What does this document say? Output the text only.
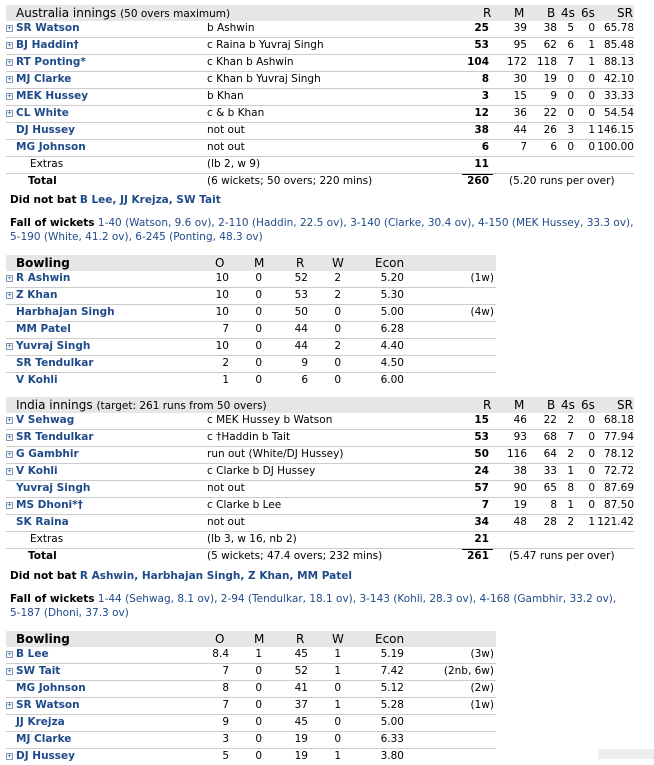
Australia innings (50 overs maximum)	R M B 4s 6s SR
+ SR Watson	b Ashwin	25	39	38 5	0 65.78
+ BJ Haddin†	c Raina b Yuvraj Singh	53	95	62 6	1 85.48
+ RT Ponting*	c Khan b Ashwin	104	172 118 7	1 88.13
+ MJ Clarke	c Khan b Yuvraj Singh	8	30	19 0	0 42.10
+ MEK Hussey	b Khan	3	15	9 0	0 33.33
+ CL White	c & b Khan	12	36	22 0	0 54.54
DJ Hussey	not out	38	44	26 3	1 146.15
MG Johnson	not out	6	7	6 0	0 100.00
Extras	(lb 2, w 9)	11
Total	(6 wickets; 50 overs; 220 mins)	260 (5.20 runs per over)
Did not bat B Lee, JJ Krejza, SW Tait
Fall of wickets 1-40 (Watson, 9.6 ov), 2-110 (Haddin, 22.5 ov), 3-140 (Clarke, 30.4 ov), 4-150 (MEK Hussey, 33.3 ov),
5-190 (White, 41.2 ov), 6-245 (Ponting, 48.3 ov)
Bowling	O M	R W	Econ
+ R Ashwin	10	0	52	2	5.20	(1w)
+ Z Khan	10	0	53	2	5.30
Harbhajan Singh	10	0	50	0	5.00	(4w)
MM Patel	7	0	44	0	6.28
+ Yuvraj Singh	10	0	44	2	4.40
SR Tendulkar	2	0	9	0	4.50
V Kohli	1	0	6	0	6.00
India innings (target: 261 runs from 50 overs)	R M B 4s 6s SR
+ V Sehwag	c MEK Hussey b Watson	15	46	22 2	0 68.18
+ SR Tendulkar	c †Haddin b Tait	53	93	68 7	0 77.94
+ G Gambhir	run out (White/DJ Hussey)	50	116	64 2	0 78.12
+ V Kohli	c Clarke b DJ Hussey	24	38	33 1	0 72.72
Yuvraj Singh	not out	57	90	65 8	0 87.69
+ MS Dhoni*†	c Clarke b Lee	7	19	8 1	0 87.50
SK Raina	not out	34	48	28 2	1 121.42
Extras	(lb 3, w 16, nb 2)	21
Total	(5 wickets; 47.4 overs; 232 mins)	261 (5.47 runs per over)
Did not bat R Ashwin, Harbhajan Singh, Z Khan, MM Patel
Fall of wickets 1-44 (Sehwag, 8.1 ov), 2-94 (Tendulkar, 18.1 ov), 3-143 (Kohli, 28.3 ov), 4-168 (Gambhir, 33.2 ov),
5-187 (Dhoni, 37.3 ov)
Bowling	O M	R W	Econ
+ B Lee	8.4	1	45	1	5.19	(3w)
+ SW Tait	7	0	52	1	7.42	(2nb, 6w)
MG Johnson	8	0	41	0	5.12	(2w)
+ SR Watson	7	0	37	1	5.28	(1w)
JJ Krejza	9	0	45	0	5.00
MJ Clarke	3	0	19	0	6.33
+ DJ Hussey	5	0	19	1	3.80
